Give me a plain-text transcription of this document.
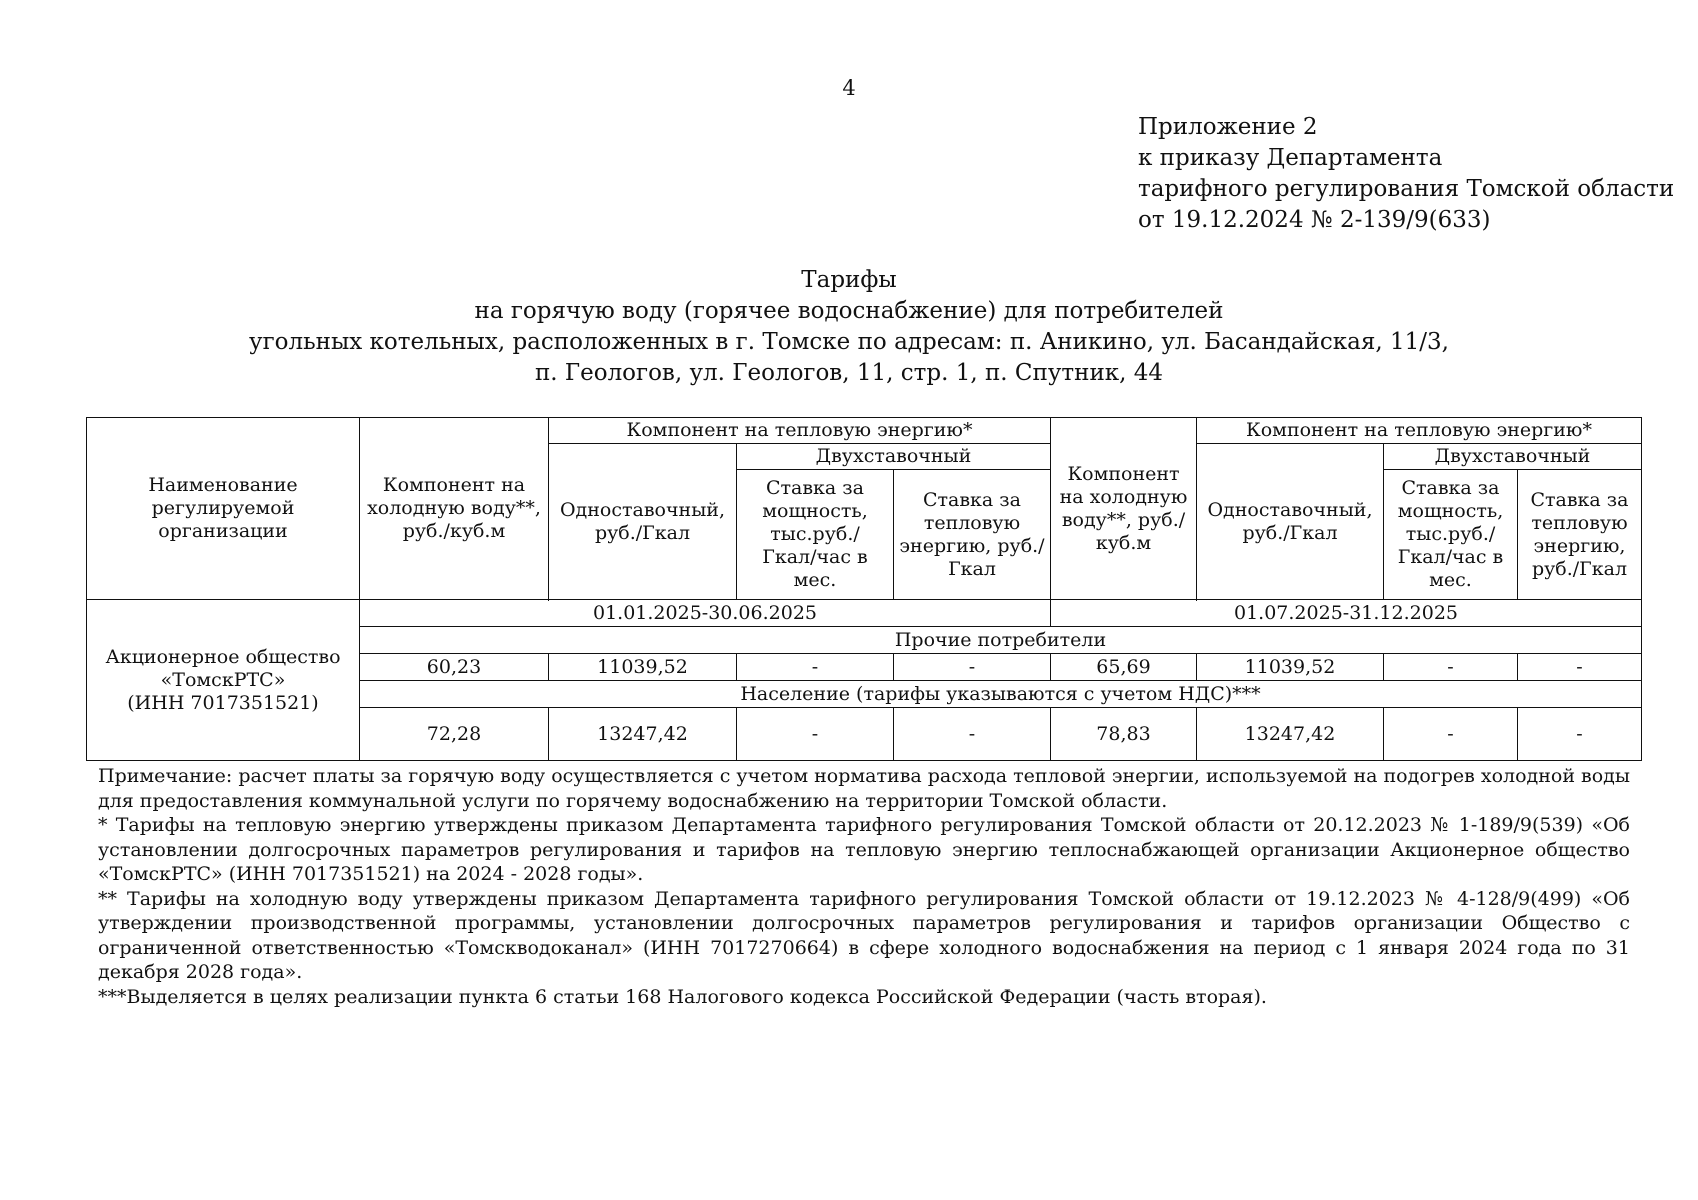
4
Приложение 2
к приказу Департамента
тарифного регулирования Томской области
от 19.12.2024 № 2-139/9(633)
Тарифы
на горячую воду (горячее водоснабжение) для потребителей
угольных котельных, расположенных в г. Томске по адресам: п. Аникино, ул. Басандайская, 11/3,
п. Геологов, ул. Геологов, 11, стр. 1, п. Спутник, 44
Наименование регулируемой организации	Компонент на холодную воду**, руб./куб.м	Компонент на тепловую энергию*			Компонент на холодную воду**, руб./куб.м	Компонент на тепловую энергию*		
		Одноставочный, руб./Гкал	Двухставочный			Одноставочный, руб./Гкал	Двухставочный	
			Ставка за мощность, тыс.руб./ Гкал/час в мес.	Ставка за тепловую энергию, руб./Гкал			Ставка за мощность, тыс.руб./ Гкал/час в мес.	Ставка за тепловую энергию, руб./Гкал

Акционерное общество
«ТомскРТС»
(ИНН 7017351521)	01.01.2025-30.06.2025				01.07.2025-31.12.2025			
	Прочие потребители							
	60,23	11039,52	-	-	65,69	11039,52	-	-
	Население (тарифы указываются с учетом НДС)***							
	72,28	13247,42	-	-	78,83	13247,42	-	-

Примечание: расчет платы за горячую воду осуществляется с учетом норматива расхода тепловой энергии, используемой на подогрев холодной воды для предоставления коммунальной услуги по горячему водоснабжению на территории Томской области.

* Тарифы на тепловую энергию утверждены приказом Департамента тарифного регулирования Томской области от 20.12.2023 № 1-189/9(539) «Об установлении долгосрочных параметров регулирования и тарифов на тепловую энергию теплоснабжающей организации Акционерное общество «ТомскРТС» (ИНН 7017351521) на 2024 - 2028 годы».

** Тарифы на холодную воду утверждены приказом Департамента тарифного регулирования Томской области от 19.12.2023 № 4-128/9(499) «Об утверждении производственной программы, установлении долгосрочных параметров регулирования и тарифов организации Общество с ограниченной ответственностью «Томскводоканал» (ИНН 7017270664) в сфере холодного водоснабжения на период с 1 января 2024 года по 31 декабря 2028 года».

***Выделяется в целях реализации пункта 6 статьи 168 Налогового кодекса Российской Федерации (часть вторая).
